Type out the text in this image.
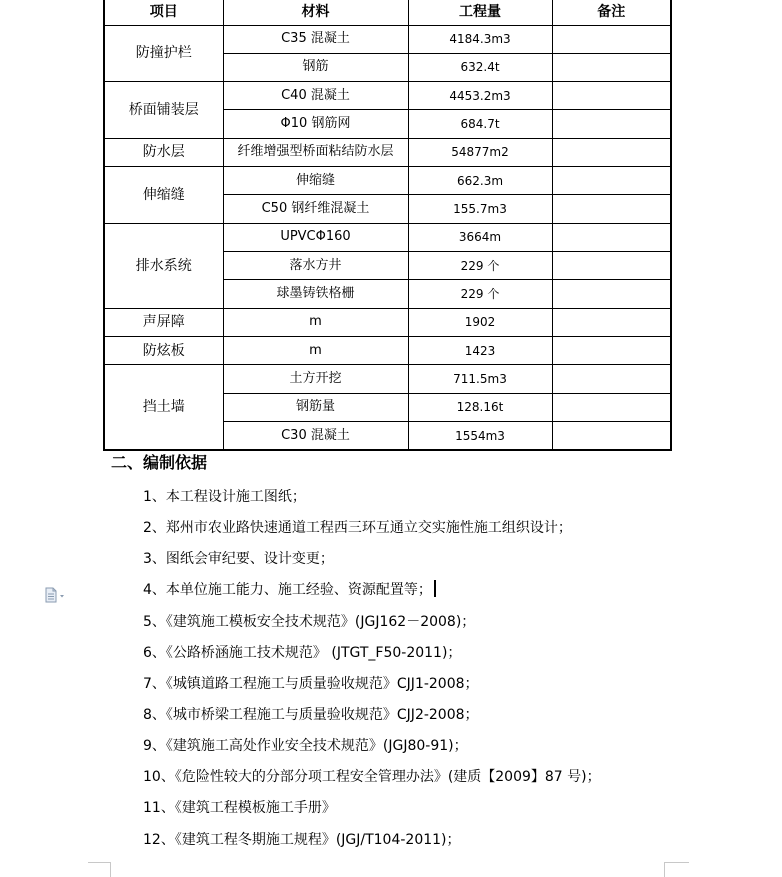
项目	材料	工程量	备注
防撞护栏	C35 混凝土	4184.3m3	
	钢筋	632.4t	
桥面铺装层	C40 混凝土	4453.2m3	
	Φ10 钢筋网	684.7t	
防水层	纤维增强型桥面粘结防水层	54877m2	
伸缩缝	伸缩缝	662.3m	
	C50 钢纤维混凝土	155.7m3	
排水系统	UPVCΦ160	3664m	
	落水方井	229 个	
	球墨铸铁格栅	229 个	
声屏障	m	1902	
防炫板	m	1423	
挡土墙	土方开挖	711.5m3	
	钢筋量	128.16t	
	C30 混凝土	1554m3	
二、编制依据
1、本工程设计施工图纸；
2、郑州市农业路快速通道工程西三环互通立交实施性施工组织设计；
3、图纸会审纪要、设计变更；
4、本单位施工能力、施工经验、资源配置等；
5、《建筑施工模板安全技术规范》(JGJ162－2008)；
6、《公路桥涵施工技术规范》 (JTGT_F50-2011)；
7、《城镇道路工程施工与质量验收规范》CJJ1-2008；
8、《城市桥梁工程施工与质量验收规范》CJJ2-2008；
9、《建筑施工高处作业安全技术规范》(JGJ80-91)；
10、《危险性较大的分部分项工程安全管理办法》(建质【2009】87 号)；
11、《建筑工程模板施工手册》
12、《建筑工程冬期施工规程》(JGJ/T104-2011)；
